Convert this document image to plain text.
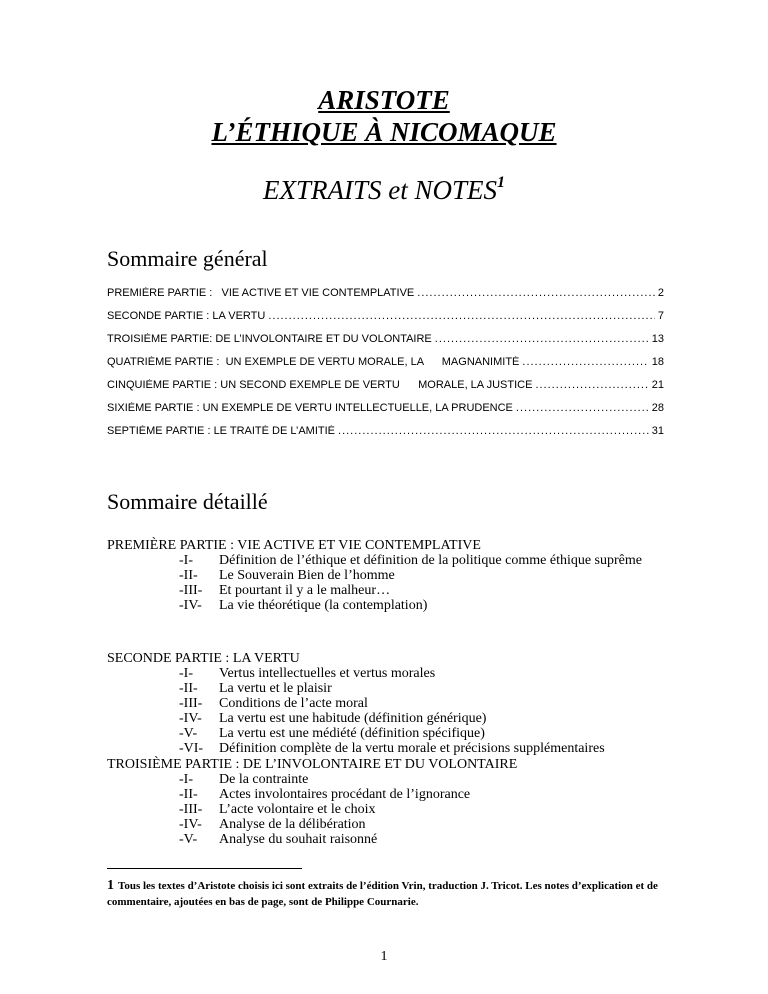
ARISTOTE
L’ÉTHIQUE À NICOMAQUE
EXTRAITS et NOTES$^1$
Sommaire général
PREMIÈRE PARTIE :   VIE ACTIVE ET VIE CONTEMPLATIVE .....	2
SECONDE PARTIE : LA VERTU .....	7
TROISIÈME PARTIE: DE L’INVOLONTAIRE ET DU VOLONTAIRE .....	13
QUATRIÈME PARTIE :  UN EXEMPLE DE VERTU MORALE, LA      MAGNANIMITÉ .....	18
CINQUIÈME PARTIE : UN SECOND EXEMPLE DE VERTU      MORALE, LA JUSTICE .....	21
SIXIÈME PARTIE : UN EXEMPLE DE VERTU INTELLECTUELLE, LA PRUDENCE .....	28
SEPTIÈME PARTIE : LE TRAITÉ DE L’AMITIÉ .....	31
Sommaire détaillé
PREMIÈRE PARTIE : VIE ACTIVE ET VIE CONTEMPLATIVE
-I-	Définition de l’éthique et définition de la politique comme éthique suprême
-II-	Le Souverain Bien de l’homme
-III-	Et pourtant il y a le malheur…
-IV-	La vie théorétique (la contemplation)
SECONDE PARTIE : LA VERTU
-I-	Vertus intellectuelles et vertus morales
-II-	La vertu et le plaisir
-III-	Conditions de l’acte moral
-IV-	La vertu est une habitude (définition générique)
-V-	La vertu est une médiété (définition spécifique)
-VI-	Définition complète de la vertu morale et précisions supplémentaires
TROISIÈME PARTIE : DE L’INVOLONTAIRE ET DU VOLONTAIRE
-I-	De la contrainte
-II-	Actes involontaires procédant de l’ignorance
-III-	L’acte volontaire et le choix
-IV-	Analyse de la délibération
-V-	Analyse du souhait raisonné
1 Tous les textes d’Aristote choisis ici sont extraits de l’édition Vrin, traduction J. Tricot. Les notes d’explication et de commentaire, ajoutées en bas de page, sont de Philippe Cournarie.
1
